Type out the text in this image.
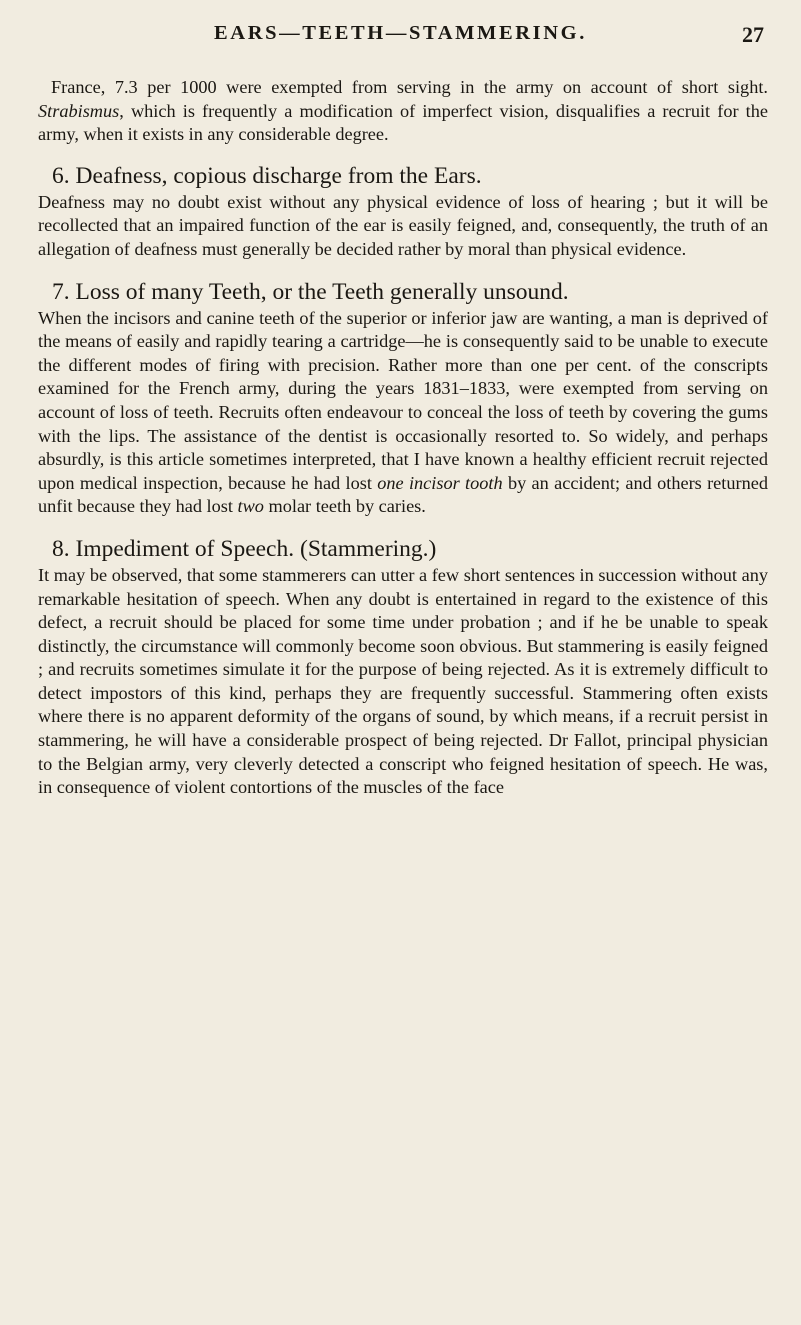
EARS—TEETH—STAMMERING.	27

France, 7.3 per 1000 were exempted from serving in the army on account of short sight. Strabismus, which is frequently a modification of imperfect vision, disqualifies a recruit for the army, when it exists in any considerable degree.

6. Deafness, copious discharge from the Ears.

Deafness may no doubt exist without any physical evidence of loss of hearing ; but it will be recollected that an impaired function of the ear is easily feigned, and, consequently, the truth of an allegation of deafness must generally be decided rather by moral than physical evidence.

7. Loss of many Teeth, or the Teeth generally unsound.

When the incisors and canine teeth of the superior or inferior jaw are wanting, a man is deprived of the means of easily and rapidly tearing a cartridge—he is consequently said to be unable to execute the different modes of firing with precision. Rather more than one per cent. of the conscripts examined for the French army, during the years 1831–1833, were exempted from serving on account of loss of teeth. Recruits often endeavour to conceal the loss of teeth by covering the gums with the lips. The assistance of the dentist is occasionally resorted to. So widely, and perhaps absurdly, is this article sometimes interpreted, that I have known a healthy efficient recruit rejected upon medical inspection, because he had lost one incisor tooth by an accident; and others returned unfit because they had lost two molar teeth by caries.

8. Impediment of Speech. (Stammering.)

It may be observed, that some stammerers can utter a few short sentences in succession without any remarkable hesitation of speech. When any doubt is entertained in regard to the existence of this defect, a recruit should be placed for some time under probation ; and if he be unable to speak distinctly, the circumstance will commonly become soon obvious. But stammering is easily feigned ; and recruits sometimes simulate it for the purpose of being rejected. As it is extremely difficult to detect impostors of this kind, perhaps they are frequently successful. Stammering often exists where there is no apparent deformity of the organs of sound, by which means, if a recruit persist in stammering, he will have a considerable prospect of being rejected. Dr Fallot, principal physician to the Belgian army, very cleverly detected a conscript who feigned hesitation of speech. He was, in consequence of violent contortions of the muscles of the face
